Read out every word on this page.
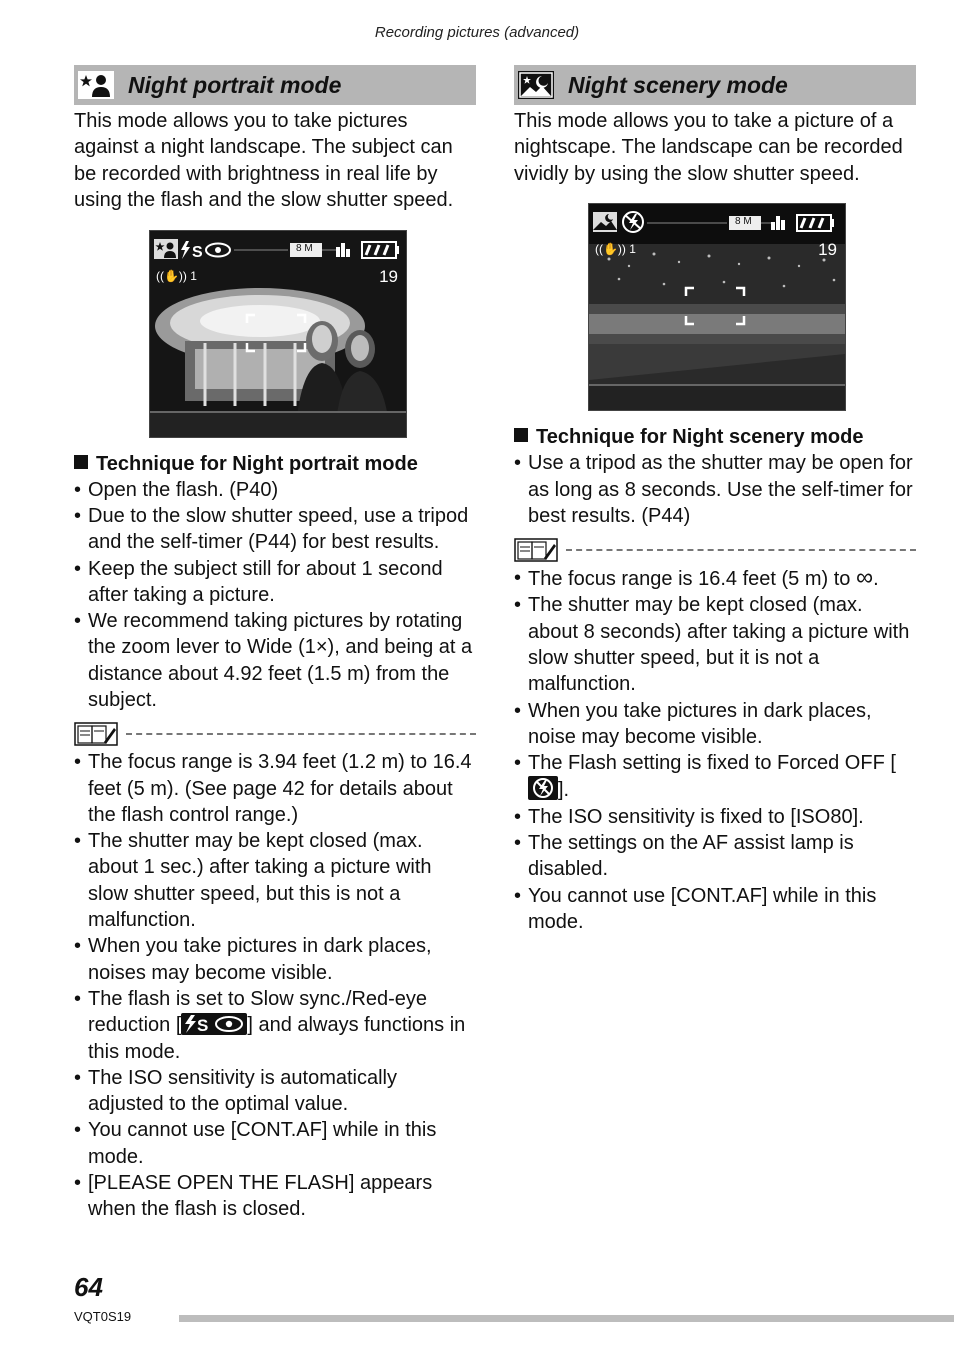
Recording pictures (advanced)
Night portrait mode
This mode allows you to take pictures against a night landscape. The subject can be recorded with brightness in real life by using the flash and the slow shutter speed.
S	8 M
((✋)) 1	19
Technique for Night portrait mode
• Open the flash. (P40)
• Due to the slow shutter speed, use a tripod and the self-timer (P44) for best results.
• Keep the subject still for about 1 second after taking a picture.
• We recommend taking pictures by rotating the zoom lever to Wide (1×), and being at a distance about 4.92 feet (1.5 m) from the subject.
• The focus range is 3.94 feet (1.2 m) to 16.4 feet (5 m). (See page 42 for details about the flash control range.)
• The shutter may be kept closed (max. about 1 sec.) after taking a picture with slow shutter speed, but this is not a malfunction.
• When you take pictures in dark places, noises may become visible.
• The flash is set to Slow sync./Red-eye reduction [ S ] and always functions in this mode.
• The ISO sensitivity is automatically adjusted to the optimal value.
• You cannot use [CONT.AF] while in this mode.
• [PLEASE OPEN THE FLASH] appears when the flash is closed.
Night scenery mode
This mode allows you to take a picture of a nightscape. The landscape can be recorded vividly by using the slow shutter speed.
8 M
((✋)) 1	19
Technique for Night scenery mode
• Use a tripod as the shutter may be open for as long as 8 seconds. Use the self-timer for best results. (P44)
• The focus range is 16.4 feet (5 m) to ∞.
• The shutter may be kept closed (max. about 8 seconds) after taking a picture with slow shutter speed, but it is not a malfunction.
• When you take pictures in dark places, noise may become visible.
• The Flash setting is fixed to Forced OFF [].
• The ISO sensitivity is fixed to [ISO80].
• The settings on the AF assist lamp is disabled.
• You cannot use [CONT.AF] while in this mode.
64
VQT0S19
